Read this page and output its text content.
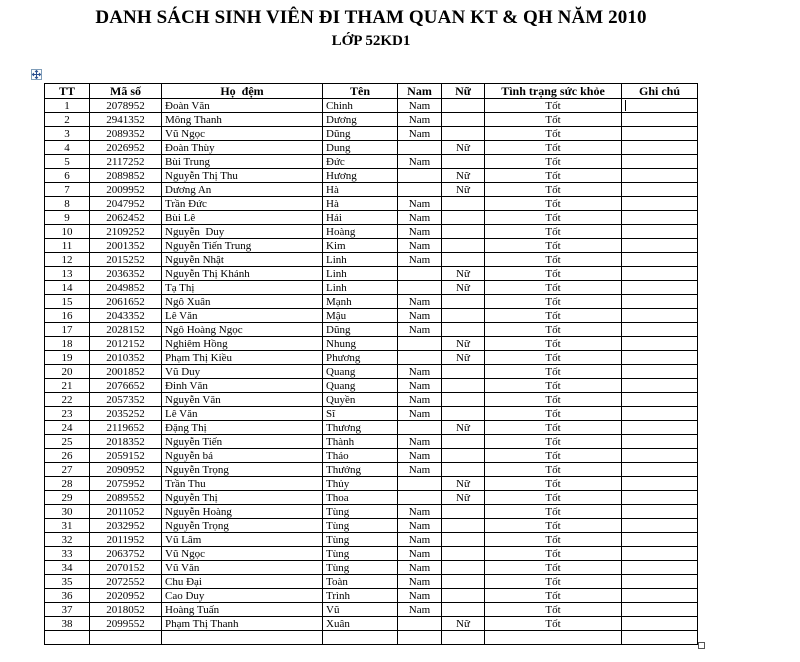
DANH SÁCH SINH VIÊN ĐI THAM QUAN KT & QH NĂM 2010
LỚP 52KD1
TT	Mã số	Họ  đệm	Tên	Nam	Nữ	Tình trạng sức khỏe	Ghi chú
1	2078952	Đoàn Văn	Chinh	Nam		Tốt	
2	2941352	Mông Thanh	Dương	Nam		Tốt	
3	2089352	Vũ Ngọc	Dũng	Nam		Tốt	
4	2026952	Đoàn Thùy	Dung		Nữ	Tốt	
5	2117252	Bùi Trung	Đức	Nam		Tốt	
6	2089852	Nguyễn Thị Thu	Hương		Nữ	Tốt	
7	2009952	Dương An	Hà		Nữ	Tốt	
8	2047952	Trần Đức	Hà	Nam		Tốt	
9	2062452	Bùi Lê	Hải	Nam		Tốt	
10	2109252	Nguyễn  Duy	Hoàng	Nam		Tốt	
11	2001352	Nguyễn Tiến Trung	Kim	Nam		Tốt	
12	2015252	Nguyễn Nhật	Linh	Nam		Tốt	
13	2036352	Nguyễn Thị Khánh	Linh		Nữ	Tốt	
14	2049852	Tạ Thị	Linh		Nữ	Tốt	
15	2061652	Ngô Xuân	Mạnh	Nam		Tốt	
16	2043352	Lê Văn	Mậu	Nam		Tốt	
17	2028152	Ngô Hoàng Ngọc	Dũng	Nam		Tốt	
18	2012152	Nghiêm Hồng	Nhung		Nữ	Tốt	
19	2010352	Phạm Thị Kiều	Phương		Nữ	Tốt	
20	2001852	Vũ Duy	Quang	Nam		Tốt	
21	2076652	Đinh Văn	Quang	Nam		Tốt	
22	2057352	Nguyễn Văn	Quyền	Nam		Tốt	
23	2035252	Lê Văn	Sĩ	Nam		Tốt	
24	2119652	Đặng Thị	Thương		Nữ	Tốt	
25	2018352	Nguyễn Tiến	Thành	Nam		Tốt	
26	2059152	Nguyễn bá	Thảo	Nam		Tốt	
27	2090952	Nguyễn Trọng	Thưởng	Nam		Tốt	
28	2075952	Trần Thu	Thủy		Nữ	Tốt	
29	2089552	Nguyễn Thị	Thoa		Nữ	Tốt	
30	2011052	Nguyễn Hoàng	Tùng	Nam		Tốt	
31	2032952	Nguyễn Trọng	Tùng	Nam		Tốt	
32	2011952	Vũ Lâm	Tùng	Nam		Tốt	
33	2063752	Vũ Ngọc	Tùng	Nam		Tốt	
34	2070152	Vũ Văn	Tùng	Nam		Tốt	
35	2072552	Chu Đại	Toàn	Nam		Tốt	
36	2020952	Cao Duy	Trình	Nam		Tốt	
37	2018052	Hoàng Tuấn	Vũ	Nam		Tốt	
38	2099552	Phạm Thị Thanh	Xuân		Nữ	Tốt	
